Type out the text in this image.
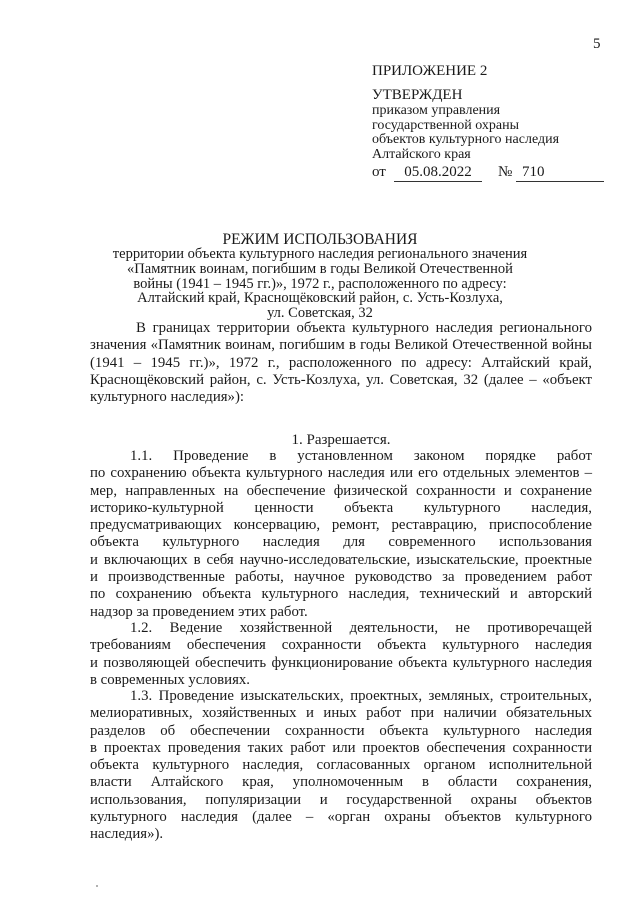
5
ПРИЛОЖЕНИЕ 2
УТВЕРЖДЕН
приказом управления
государственной охраны
объектов культурного наследия
Алтайского края
от	05.08.2022	№ 710
РЕЖИМ ИСПОЛЬЗОВАНИЯ
территории объекта культурного наследия регионального значения
«Памятник воинам, погибшим в годы Великой Отечественной
войны (1941 – 1945 гг.)», 1972 г., расположенного по адресу:
Алтайский край, Краснощёковский район, с. Усть-Козлуха,
ул. Советская, 32
В границах территории объекта культурного наследия регионального
значения «Памятник воинам, погибшим в годы Великой Отечественной войны
(1941 – 1945 гг.)», 1972 г., расположенного по адресу: Алтайский край,
Краснощёковский район, с. Усть-Козлуха, ул. Советская, 32 (далее – «объект
культурного наследия»):
1. Разрешается.
1.1. Проведение в установленном законом порядке работ
по сохранению объекта культурного наследия или его отдельных элементов –
мер, направленных на обеспечение физической сохранности и сохранение
историко-культурной ценности объекта культурного наследия,
предусматривающих консервацию, ремонт, реставрацию, приспособление
объекта культурного наследия для современного использования
и включающих в себя научно-исследовательские, изыскательские, проектные
и производственные работы, научное руководство за проведением работ
по сохранению объекта культурного наследия, технический и авторский
надзор за проведением этих работ.
1.2. Ведение хозяйственной деятельности, не противоречащей
требованиям обеспечения сохранности объекта культурного наследия
и позволяющей обеспечить функционирование объекта культурного наследия
в современных условиях.
1.3. Проведение изыскательских, проектных, земляных, строительных,
мелиоративных, хозяйственных и иных работ при наличии обязательных
разделов об обеспечении сохранности объекта культурного наследия
в проектах проведения таких работ или проектов обеспечения сохранности
объекта культурного наследия, согласованных органом исполнительной
власти Алтайского края, уполномоченным в области сохранения,
использования, популяризации и государственной охраны объектов
культурного наследия (далее – «орган охраны объектов культурного
наследия»).
